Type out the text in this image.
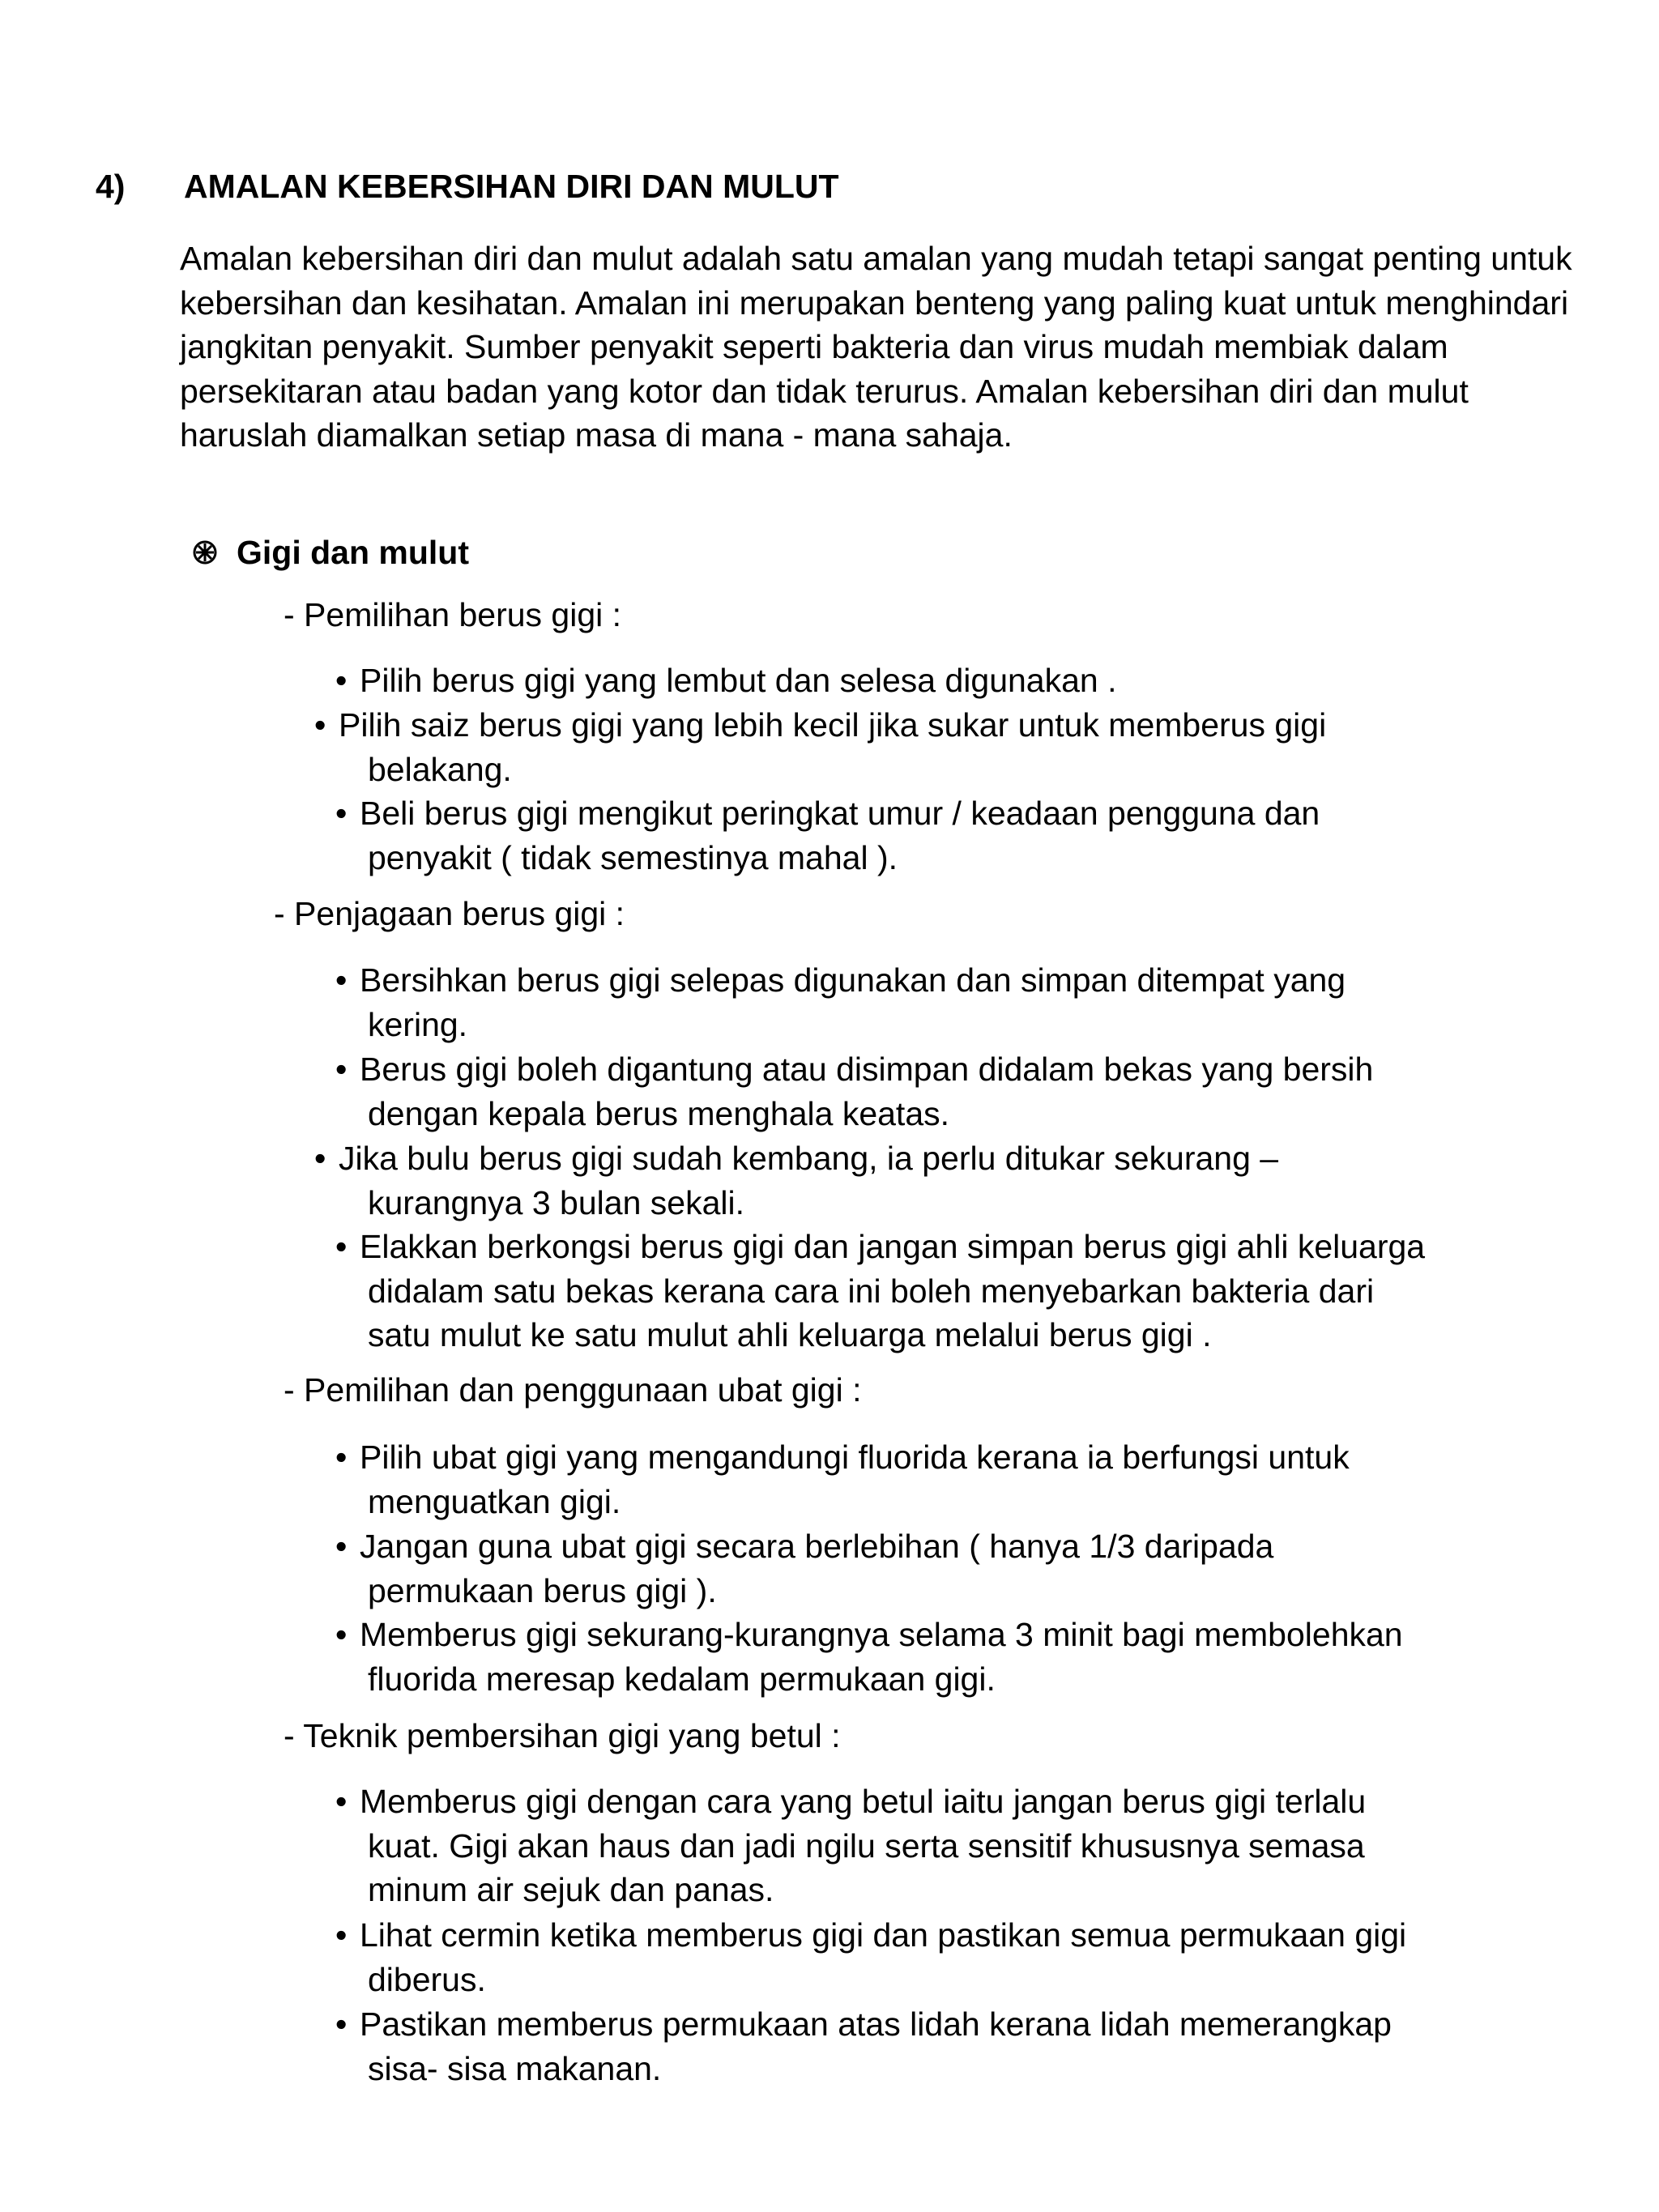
4) AMALAN KEBERSIHAN DIRI DAN MULUT

Amalan kebersihan diri dan mulut adalah satu amalan yang mudah tetapi sangat penting untuk kebersihan dan kesihatan. Amalan ini merupakan benteng yang paling kuat untuk menghindari jangkitan penyakit. Sumber penyakit seperti bakteria dan virus mudah membiak dalam persekitaran atau badan yang kotor dan tidak terurus. Amalan kebersihan diri dan mulut haruslah diamalkan setiap masa di mana - mana sahaja.

Gigi dan mulut
- Pemilihan berus gigi :
• Pilih berus gigi yang lembut dan selesa digunakan .
• Pilih saiz berus gigi yang lebih kecil jika sukar untuk memberus gigi
belakang.
• Beli berus gigi mengikut peringkat umur / keadaan pengguna dan
penyakit ( tidak semestinya mahal ).
- Penjagaan berus gigi :
• Bersihkan berus gigi selepas digunakan dan simpan ditempat yang
kering.
• Berus gigi boleh digantung atau disimpan didalam bekas yang bersih
dengan kepala berus menghala keatas.
• Jika bulu berus gigi sudah kembang, ia perlu ditukar sekurang –
kurangnya 3 bulan sekali.
• Elakkan berkongsi berus gigi dan jangan simpan berus gigi ahli keluarga
didalam satu bekas kerana cara ini boleh menyebarkan bakteria dari
satu mulut ke satu mulut ahli keluarga melalui berus gigi .
- Pemilihan dan penggunaan ubat gigi :
• Pilih ubat gigi yang mengandungi fluorida kerana ia berfungsi untuk
menguatkan gigi.
• Jangan guna ubat gigi secara berlebihan ( hanya 1/3 daripada
permukaan berus gigi ).
• Memberus gigi sekurang-kurangnya selama 3 minit bagi membolehkan
fluorida meresap kedalam permukaan gigi.
- Teknik pembersihan gigi yang betul :
• Memberus gigi dengan cara yang betul iaitu jangan berus gigi terlalu
kuat. Gigi akan haus dan jadi ngilu serta sensitif khususnya semasa
minum air sejuk dan panas.
• Lihat cermin ketika memberus gigi dan pastikan semua permukaan gigi
diberus.
• Pastikan memberus permukaan atas lidah kerana lidah memerangkap
sisa- sisa makanan.
